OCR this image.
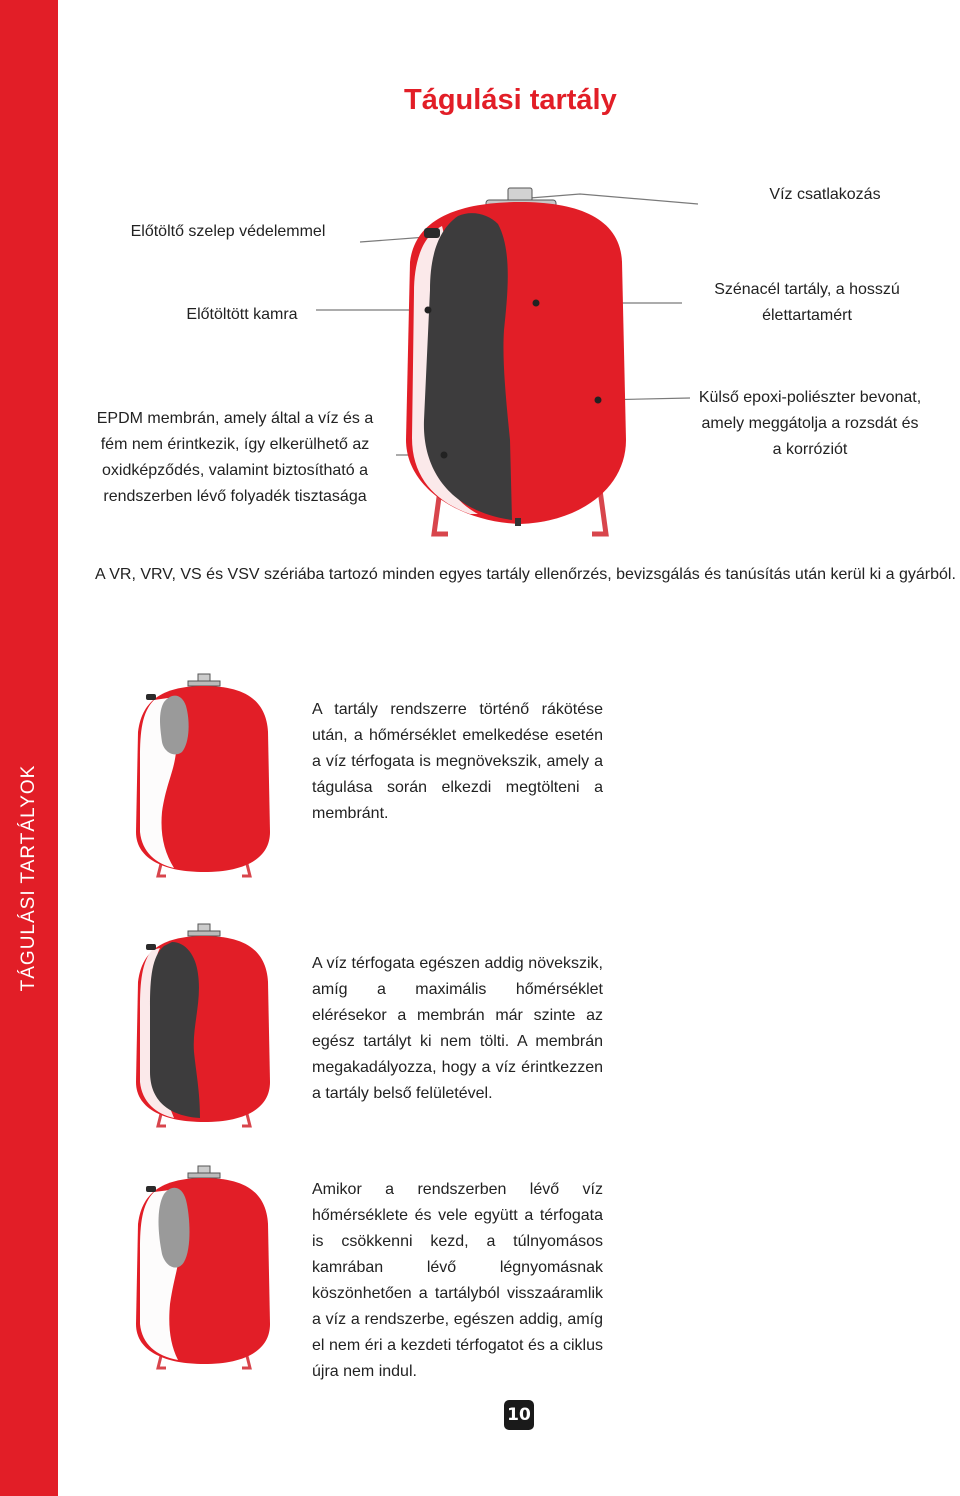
TÁGULÁSI TARTÁLYOK
Tágulási tartály
Víz csatlakozás
Előtöltő szelep védelemmel
Előtöltött kamra
Szénacél tartály, a hosszú
élettartamért
EPDM membrán, amely által a víz és a
fém nem érintkezik, így elkerülhető az
oxidképződés, valamint biztosítható a
rendszerben lévő folyadék tisztasága
Külső epoxi-poliészter bevonat,
amely meggátolja a rozsdát és
a korróziót

A VR, VRV, VS és VSV szériába tartozó minden egyes tartály ellenőrzés, bevizsgálás és tanúsítás után kerül ki a gyárból.

A tartály rendszerre történő rákötése után, a hőmérséklet emelkedése esetén a víz térfogata is megnövekszik, amely a tágulása során elkezdi megtölteni a membránt.

A víz térfogata egészen addig növekszik, amíg a maximális hőmérséklet elérésekor a membrán már szinte az egész tartályt ki nem tölti. A membrán megakadályozza, hogy a víz érintkezzen a tartály belső felületével.

Amikor a rendszerben lévő víz hőmérséklete és vele együtt a térfogata is csökkenni kezd, a túlnyomásos kamrában lévő légnyomásnak köszönhetően a tartályból visszaáramlik a víz a rendszerbe, egészen addig, amíg el nem éri a kezdeti térfogatot és a ciklus újra nem indul.

10
